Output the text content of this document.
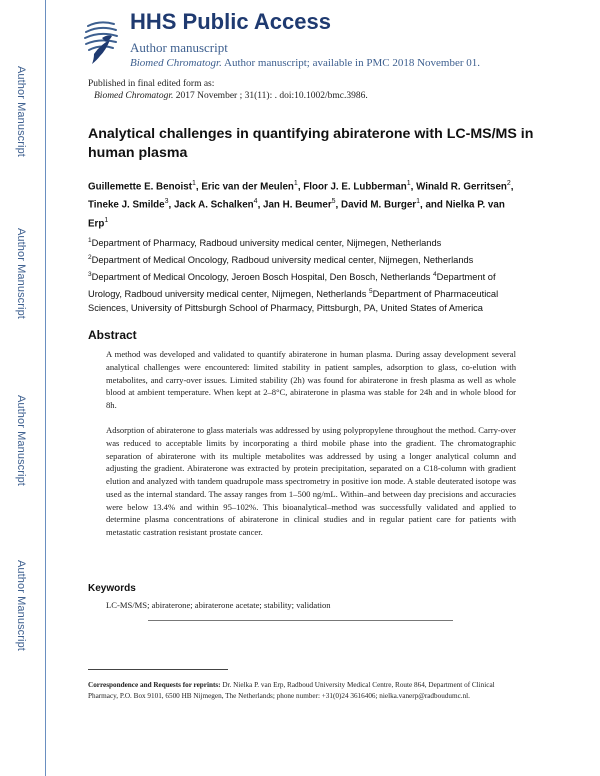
Author Manuscript
Author Manuscript
Author Manuscript
Author Manuscript
HHS Public Access
Author manuscript
Biomed Chromatogr. Author manuscript; available in PMC 2018 November 01.
Published in final edited form as:
Biomed Chromatogr. 2017 November ; 31(11): . doi:10.1002/bmc.3986.
Analytical challenges in quantifying abiraterone with LC-MS/MS in human plasma
Guillemette E. Benoist$^1$, Eric van der Meulen$^1$, Floor J. E. Lubberman$^1$, Winald R. Gerritsen$^2$, Tineke J. Smilde$^3$, Jack A. Schalken$^4$, Jan H. Beumer$^5$, David M. Burger$^1$, and Nielka P. van Erp$^1$
$^1$Department of Pharmacy, Radboud university medical center, Nijmegen, Netherlands
$^2$Department of Medical Oncology, Radboud university medical center, Nijmegen, Netherlands
$^3$Department of Medical Oncology, Jeroen Bosch Hospital, Den Bosch, Netherlands $^4$Department of Urology, Radboud university medical center, Nijmegen, Netherlands $^5$Department of Pharmaceutical Sciences, University of Pittsburgh School of Pharmacy, Pittsburgh, PA, United States of America
Abstract
A method was developed and validated to quantify abiraterone in human plasma. During assay development several analytical challenges were encountered: limited stability in patient samples, adsorption to glass, co-elution with metabolites, and carry-over issues. Limited stability (2h) was found for abiraterone in fresh plasma as well as whole blood at ambient temperature. When kept at 2–8°C, abiraterone in plasma was stable for 24h and in whole blood for 8h.
Adsorption of abiraterone to glass materials was addressed by using polypropylene throughout the method. Carry-over was reduced to acceptable limits by incorporating a third mobile phase into the gradient. The chromatographic separation of abiraterone with its multiple metabolites was addressed by using a longer analytical column and adjusting the gradient. Abiraterone was extracted by protein precipitation, separated on a C18-column with gradient elution and analyzed with tandem quadrupole mass spectrometry in positive ion mode. A stable deuterated isotope was used as the internal standard. The assay ranges from 1–500 ng/mL. Within–and between day precisions and accuracies were below 13.4% and within 95–102%. This bioanalytical–method was successfully validated and applied to determine plasma concentrations of abiraterone in clinical studies and in regular patient care for patients with metastatic castration resistant prostate cancer.
Keywords
LC-MS/MS; abiraterone; abiraterone acetate; stability; validation
Correspondence and Requests for reprints: Dr. Nielka P. van Erp, Radboud University Medical Centre, Route 864, Department of Clinical Pharmacy, P.O. Box 9101, 6500 HB Nijmegen, The Netherlands; phone number: +31(0)24 3616406; nielka.vanerp@radboudumc.nl.
